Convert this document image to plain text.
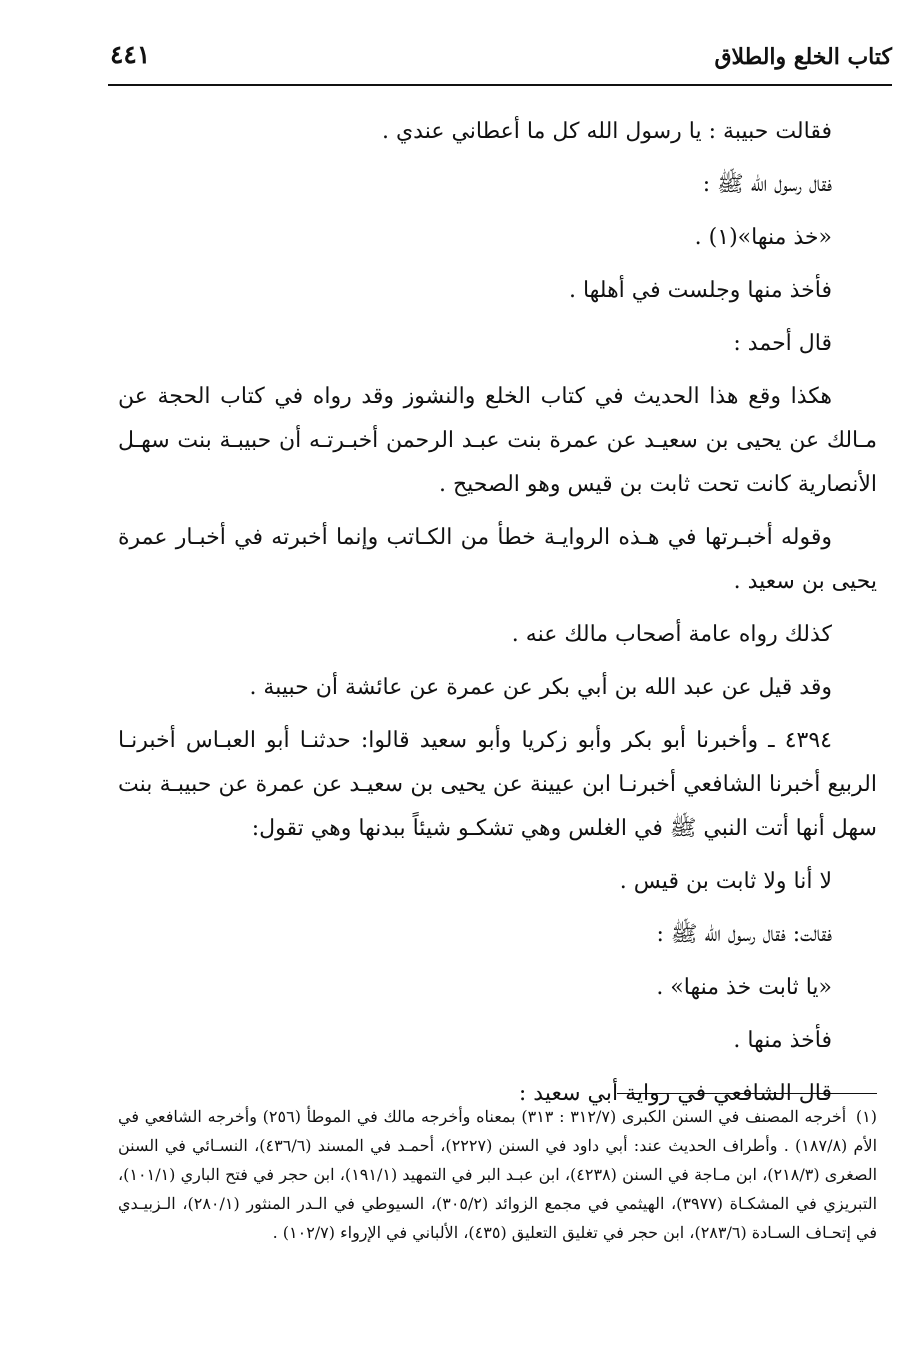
كتاب الخلع والطلاق
٤٤١

فقالت حبيبة : يا رسول الله كل ما أعطاني عندي .

فقال رسول الله ﷺ :

«خذ منها»(١) .

فأخذ منها وجلست في أهلها .

قال أحمد :

هكذا وقع هذا الحديث في كتاب الخلع والنشوز وقد رواه في كتاب الحجة عن مـالك عن يحيى بن سعيـد عن عمرة بنت عبـد الرحمن أخبـرتـه أن حبيبـة بنت سهـل الأنصارية كانت تحت ثابت بن قيس وهو الصحيح .

وقوله أخبـرتها في هـذه الروايـة خطأ من الكـاتب وإنما أخبرته في أخبـار عمرة يحيى بن سعيد .

كذلك رواه عامة أصحاب مالك عنه .

وقد قيل عن عبد الله بن أبي بكر عن عمرة عن عائشة أن حبيبة .

٤٣٩٤ ـ وأخبرنا أبو بكر وأبو زكريا وأبو سعيد قالوا: حدثنـا أبو العبـاس أخبرنـا الربيع أخبرنا الشافعي أخبرنـا ابن عيينة عن يحيى بن سعيـد عن عمرة عن حبيبـة بنت سهل أنها أتت النبي ﷺ في الغلس وهي تشكـو شيئاً ببدنها وهي تقول:

لا أنا ولا ثابت بن قيس .

فقالت: فقال رسول الله ﷺ :

«يا ثابت خذ منها» .

فأخذ منها .

قال الشافعي في رواية أبي سعيد :

(١) أخرجه المصنف في السنن الكبرى (٣١٢/٧ : ٣١٣) بمعناه وأخرجه مالك في الموطأ (٢٥٦) وأخرجه الشافعي في الأم (١٨٧/٨) . وأطراف الحديث عند: أبي داود في السنن (٢٢٢٧)، أحمـد في المسند (٤٣٦/٦)، النسـائي في السنن الصغرى (٢١٨/٣)، ابن مـاجة في السنن (٤٢٣٨)، ابن عبـد البر في التمهيد (١٩١/١)، ابن حجر في فتح الباري (١٠١/١)، التبريزي في المشكـاة (٣٩٧٧)، الهيثمي في مجمع الزوائد (٣٠٥/٢)، السيوطي في الـدر المنثور (٢٨٠/١)، الـزبيـدي في إتحـاف السـادة (٢٨٣/٦)، ابن حجر في تغليق التعليق (٤٣٥)، الألباني في الإرواء (١٠٢/٧) .
